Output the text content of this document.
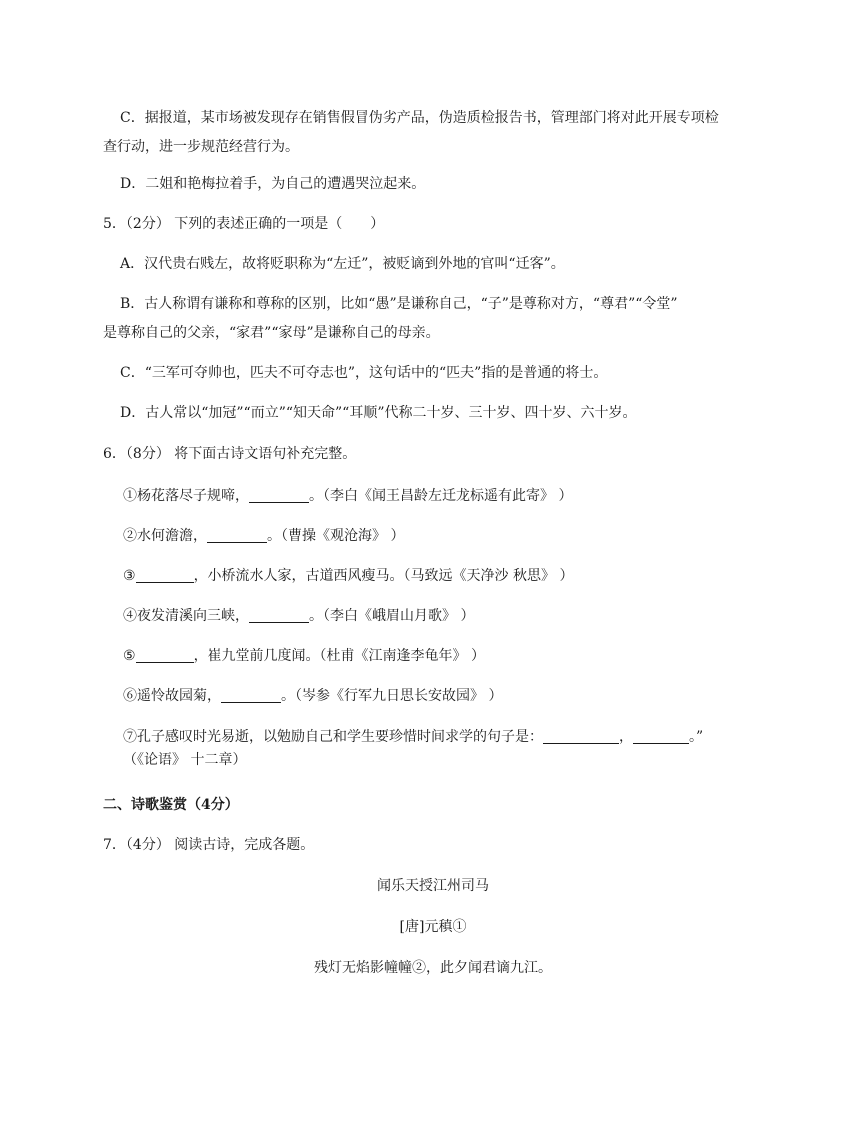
C．据报道，某市场被发现存在销售假冒伪劣产品，伪造质检报告书，管理部门将对此开展专项检
查行动，进一步规范经营行为。
D．二姐和艳梅拉着手，为自己的遭遇哭泣起来。
5．（2分） 下列的表述正确的一项是（　　）
A．汉代贵右贱左，故将贬职称为“左迁”，被贬谪到外地的官叫“迁客”。
B．古人称谓有谦称和尊称的区别，比如“愚”是谦称自己，“子”是尊称对方，“尊君”“令堂”
是尊称自己的父亲，“家君”“家母”是谦称自己的母亲。
C．“三军可夺帅也，匹夫不可夺志也”，这句话中的“匹夫”指的是普通的将士。
D．古人常以“加冠”“而立”“知天命”“耳顺”代称二十岁、三十岁、四十岁、六十岁。
6．（8分） 将下面古诗文语句补充完整。
①杨花落尽子规啼，	。（李白《闻王昌龄左迁龙标遥有此寄》 ）
②水何澹澹，	。（曹操《观沧海》 ）
③	，小桥流水人家，古道西风瘦马。（马致远《天净沙 秋思》 ）
④夜发清溪向三峡，	。（李白《峨眉山月歌》 ）
⑤	，崔九堂前几度闻。（杜甫《江南逢李龟年》 ）
⑥遥怜故园菊，	。（岑参《行军九日思长安故园》 ）
⑦孔子感叹时光易逝，以勉励自己和学生要珍惜时间求学的句子是：	，	。”
（《论语》 十二章）
二、诗歌鉴赏（4分）
7．（4分） 阅读古诗，完成各题。
闻乐天授江州司马
[唐]元稹①
残灯无焰影幢幢②，此夕闻君谪九江。
